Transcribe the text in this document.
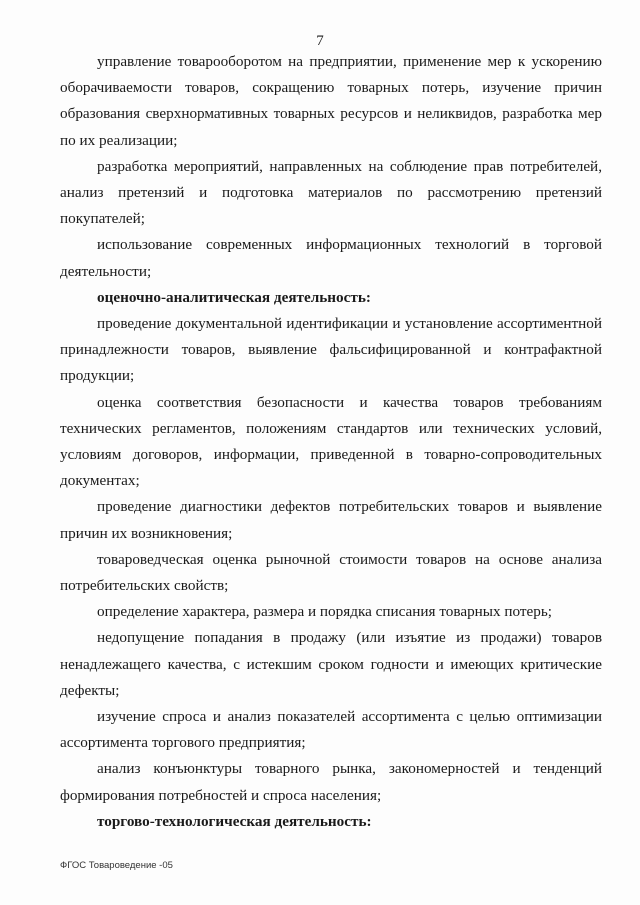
7

управление товарооборотом на предприятии, применение мер к ускорению оборачиваемости товаров, сокращению товарных потерь, изучение причин образования сверхнормативных товарных ресурсов и неликвидов, разработка мер по их реализации;

разработка мероприятий, направленных на соблюдение прав потребителей, анализ претензий и подготовка материалов по рассмотрению претензий покупателей;

использование современных информационных технологий в торговой деятельности;

оценочно-аналитическая деятельность:

проведение документальной идентификации и установление ассортиментной принадлежности товаров, выявление фальсифицированной и контрафактной продукции;

оценка соответствия безопасности и качества товаров требованиям технических регламентов, положениям стандартов или технических условий, условиям договоров, информации, приведенной в товарно-сопроводительных документах;

проведение диагностики дефектов потребительских товаров и выявление причин их возникновения;

товароведческая оценка рыночной стоимости товаров на основе анализа потребительских свойств;

определение характера, размера и порядка списания товарных потерь;

недопущение попадания в продажу (или изъятие из продажи) товаров ненадлежащего качества, с истекшим сроком годности и имеющих критические дефекты;

изучение спроса и анализ показателей ассортимента с целью оптимизации ассортимента торгового предприятия;

анализ конъюнктуры товарного рынка, закономерностей и тенденций формирования потребностей и спроса населения;

торгово-технологическая деятельность:

ФГОС Товароведение -05
